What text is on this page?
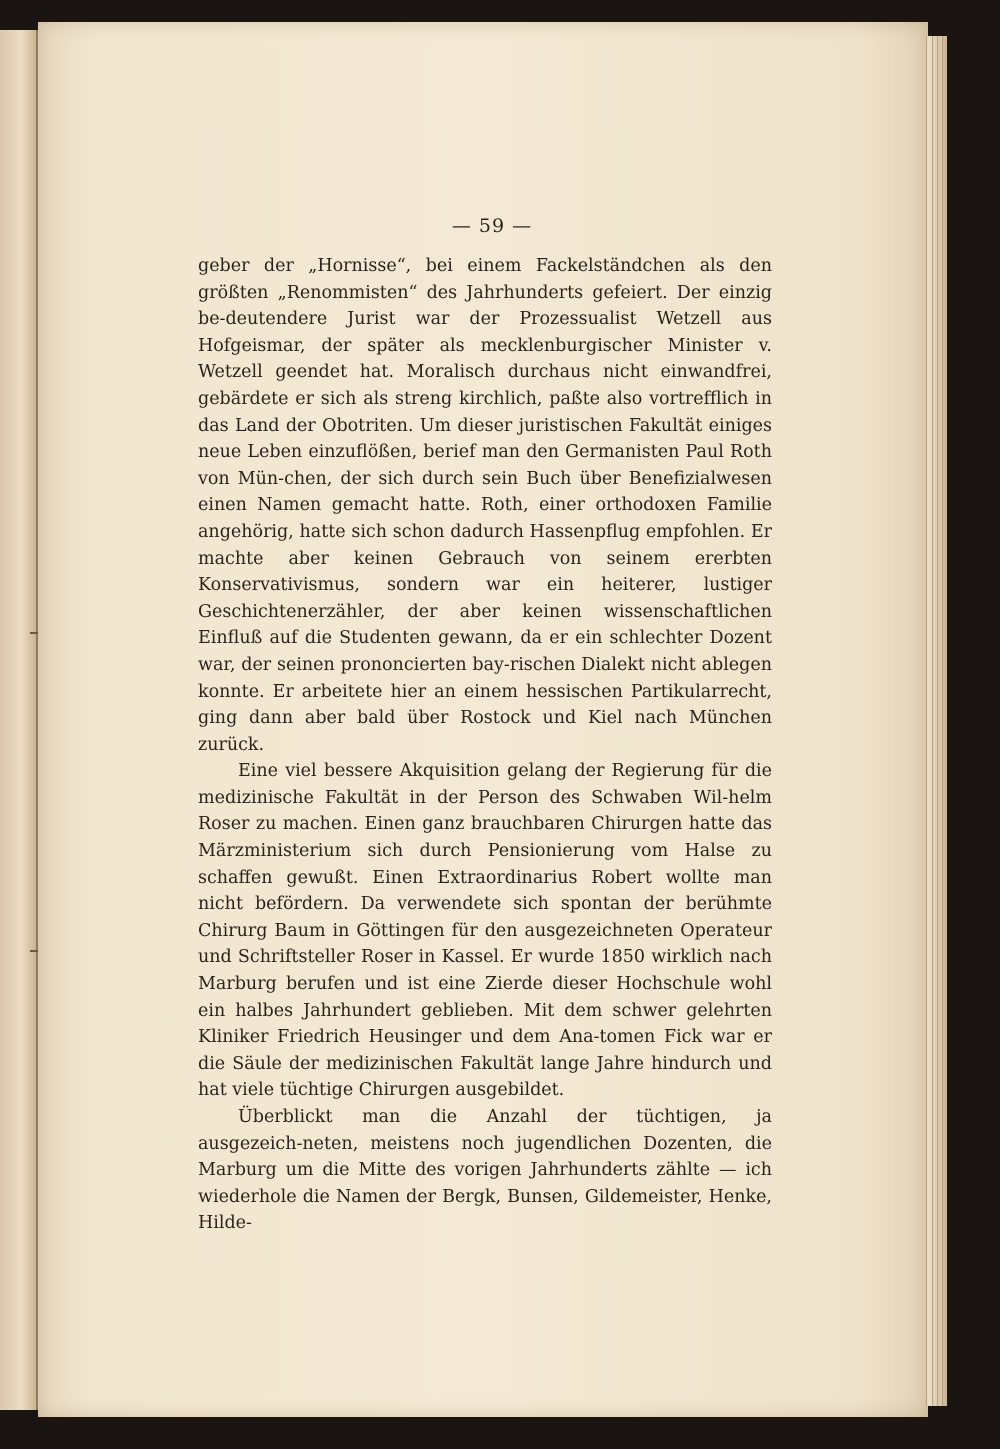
— 59 —

geber der „Hornisse“, bei einem Fackelständchen als den größten „Renommisten“ des Jahrhunderts gefeiert. Der einzig be‑deutendere Jurist war der Prozessualist Wetzell aus Hofgeismar, der später als mecklenburgischer Minister v. Wetzell geendet hat. Moralisch durchaus nicht einwandfrei, gebärdete er sich als streng kirchlich, paßte also vortrefflich in das Land der Obotriten. Um dieser juristischen Fakultät einiges neue Leben einzuflößen, berief man den Germanisten Paul Roth von Mün‑chen, der sich durch sein Buch über Benefizialwesen einen Namen gemacht hatte. Roth, einer orthodoxen Familie angehörig, hatte sich schon dadurch Hassenpflug empfohlen. Er machte aber keinen Gebrauch von seinem ererbten Konservativismus, sondern war ein heiterer, lustiger Geschichtenerzähler, der aber keinen wissenschaftlichen Einfluß auf die Studenten gewann, da er ein schlechter Dozent war, der seinen prononcierten bay‑rischen Dialekt nicht ablegen konnte. Er arbeitete hier an einem hessischen Partikularrecht, ging dann aber bald über Rostock und Kiel nach München zurück.

Eine viel bessere Akquisition gelang der Regierung für die medizinische Fakultät in der Person des Schwaben Wil‑helm Roser zu machen. Einen ganz brauchbaren Chirurgen hatte das Märzministerium sich durch Pensionierung vom Halse zu schaffen gewußt. Einen Extraordinarius Robert wollte man nicht befördern. Da verwendete sich spontan der berühmte Chirurg Baum in Göttingen für den ausgezeichneten Operateur und Schriftsteller Roser in Kassel. Er wurde 1850 wirklich nach Marburg berufen und ist eine Zierde dieser Hochschule wohl ein halbes Jahrhundert geblieben. Mit dem schwer gelehrten Kliniker Friedrich Heusinger und dem Ana‑tomen Fick war er die Säule der medizinischen Fakultät lange Jahre hindurch und hat viele tüchtige Chirurgen ausgebildet.

Überblickt man die Anzahl der tüchtigen, ja ausgezeich‑neten, meistens noch jugendlichen Dozenten, die Marburg um die Mitte des vorigen Jahrhunderts zählte — ich wiederhole die Namen der Bergk, Bunsen, Gildemeister, Henke, Hilde‑
